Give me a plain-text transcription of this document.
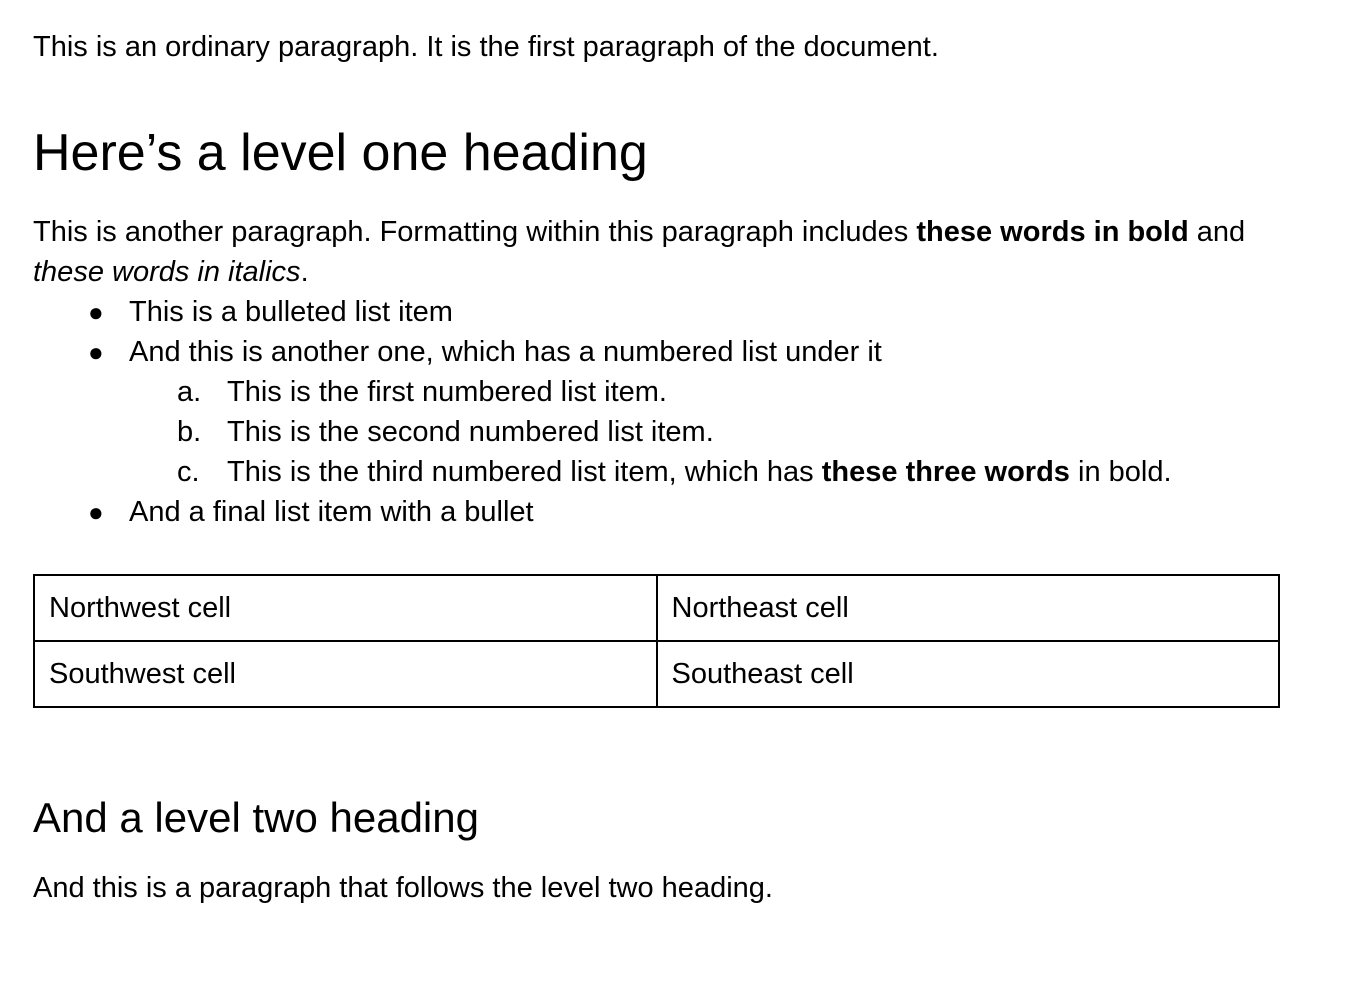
This is an ordinary paragraph. It is the first paragraph of the document.

Here’s a level one heading

This is another paragraph. Formatting within this paragraph includes these words in bold and these words in italics.

● This is a bulleted list item
● And this is another one, which has a numbered list under it
This is the first numbered list item.
This is the second numbered list item.
This is the third numbered list item, which has these three words in bold.
● And a final list item with a bullet
Northwest cell	Northeast cell
Southwest cell	Southeast cell
And a level two heading

And this is a paragraph that follows the level two heading.
